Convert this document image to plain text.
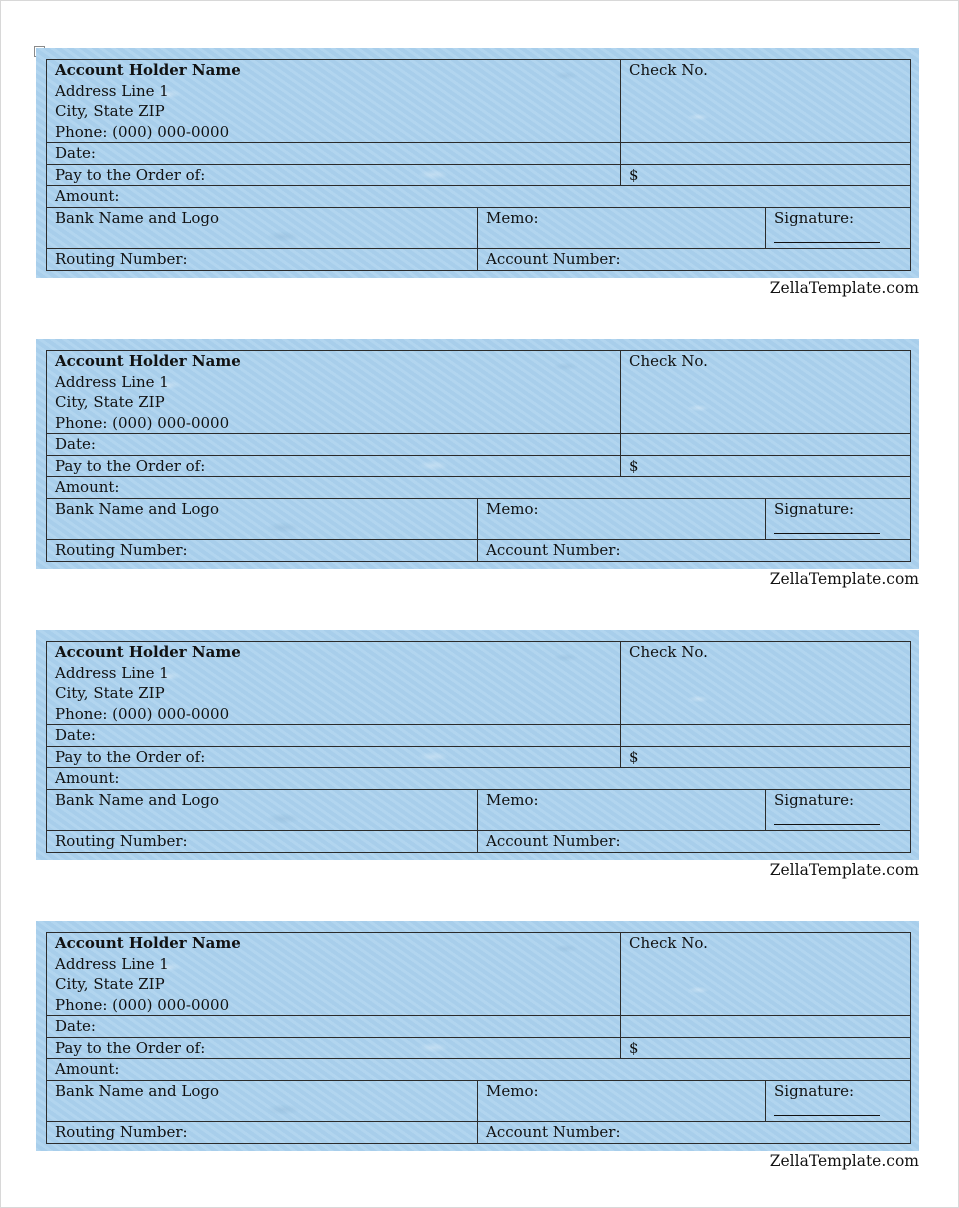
Account Holder Name
Address Line 1
City, State ZIP
Phone: (000) 000-0000		Check No.	
Date:			
Pay to the Order of:		$	
Amount:			
Bank Name and Logo	Memo:		Signature:

Routing Number:	Account Number:		
ZellaTemplate.com
Account Holder Name
Address Line 1
City, State ZIP
Phone: (000) 000-0000		Check No.	
Date:			
Pay to the Order of:		$	
Amount:			
Bank Name and Logo	Memo:		Signature:

Routing Number:	Account Number:		
ZellaTemplate.com
Account Holder Name
Address Line 1
City, State ZIP
Phone: (000) 000-0000		Check No.	
Date:			
Pay to the Order of:		$	
Amount:			
Bank Name and Logo	Memo:		Signature:

Routing Number:	Account Number:		
ZellaTemplate.com
Account Holder Name
Address Line 1
City, State ZIP
Phone: (000) 000-0000		Check No.	
Date:			
Pay to the Order of:		$	
Amount:			
Bank Name and Logo	Memo:		Signature:

Routing Number:	Account Number:		
ZellaTemplate.com
